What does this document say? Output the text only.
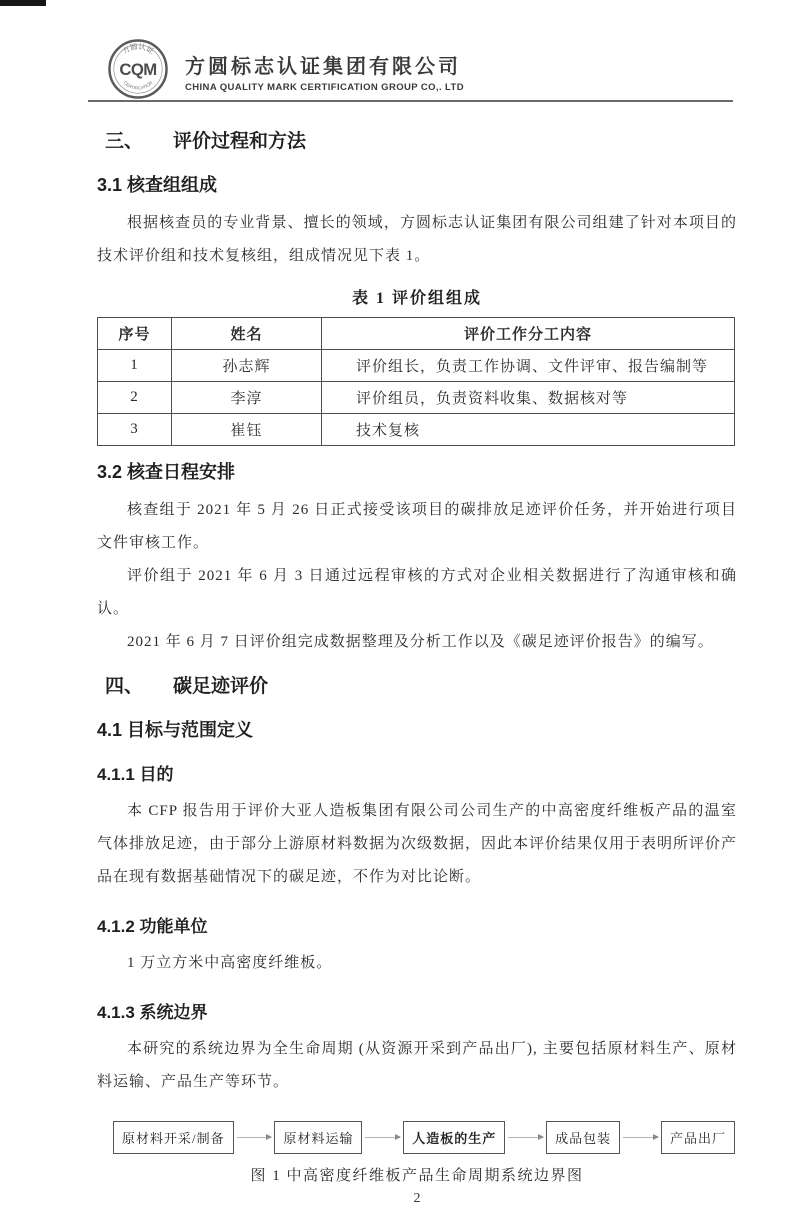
方圆认证
CQM
CERTIFICATION
方圆标志认证集团有限公司
CHINA QUALITY MARK CERTIFICATION GROUP CO,. LTD
三、 评价过程和方法
3.1 核查组组成
根据核查员的专业背景、擅长的领域，方圆标志认证集团有限公司组建了针对本项目的技术评价组和技术复核组，组成情况见下表 1。
表 1 评价组组成
序号	姓名	评价工作分工内容
1	孙志辉	评价组长，负责工作协调、文件评审、报告编制等
2	李淳	评价组员，负责资料收集、数据核对等
3	崔钰	技术复核
3.2 核查日程安排
核查组于 2021 年 5 月 26 日正式接受该项目的碳排放足迹评价任务，并开始进行项目文件审核工作。
评价组于 2021 年 6 月 3 日通过远程审核的方式对企业相关数据进行了沟通审核和确认。
2021 年 6 月 7 日评价组完成数据整理及分析工作以及《碳足迹评价报告》的编写。
四、 碳足迹评价
4.1 目标与范围定义
4.1.1 目的
本 CFP 报告用于评价大亚人造板集团有限公司公司生产的中高密度纤维板产品的温室气体排放足迹，由于部分上游原材料数据为次级数据，因此本评价结果仅用于表明所评价产品在现有数据基础情况下的碳足迹，不作为对比论断。
4.1.2 功能单位
1 万立方米中高密度纤维板。
4.1.3 系统边界
本研究的系统边界为全生命周期 (从资源开采到产品出厂), 主要包括原材料生产、原材料运输、产品生产等环节。
原材料开采/制备	原材料运输	人造板的生产	成品包装	产品出厂
图 1 中高密度纤维板产品生命周期系统边界图
2
